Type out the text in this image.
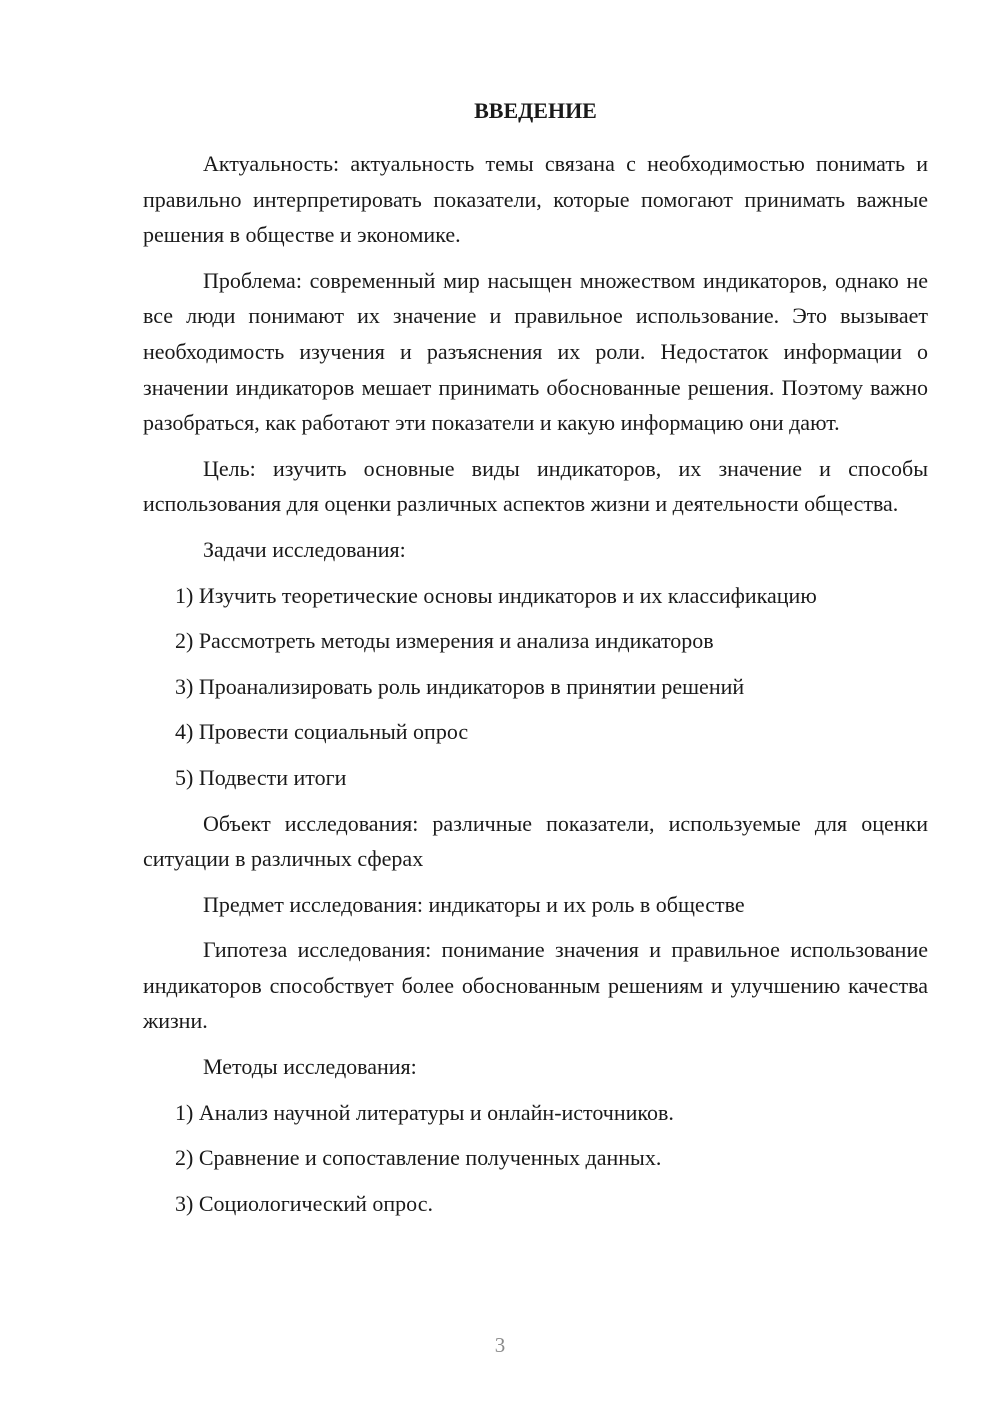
ВВЕДЕНИЕ

Актуальность: актуальность темы связана с необходимостью понимать и правильно интерпретировать показатели, которые помогают принимать важные решения в обществе и экономике.

Проблема: современный мир насыщен множеством индикаторов, однако не все люди понимают их значение и правильное использование. Это вызывает необходимость изучения и разъяснения их роли. Недостаток информации о значении индикаторов мешает принимать обоснованные решения. Поэтому важно разобраться, как работают эти показатели и какую информацию они дают.

Цель: изучить основные виды индикаторов, их значение и способы использования для оценки различных аспектов жизни и деятельности общества.

Задачи исследования:

1) Изучить теоретические основы индикаторов и их классификацию
2) Рассмотреть методы измерения и анализа индикаторов
3) Проанализировать роль индикаторов в принятии решений
4) Провести социальный опрос
5) Подвести итоги

Объект исследования: различные показатели, используемые для оценки ситуации в различных сферах

Предмет исследования: индикаторы и их роль в обществе

Гипотеза исследования: понимание значения и правильное использование индикаторов способствует более обоснованным решениям и улучшению качества жизни.

Методы исследования:

1) Анализ научной литературы и онлайн-источников.
2) Сравнение и сопоставление полученных данных.
3) Социологический опрос.
3
